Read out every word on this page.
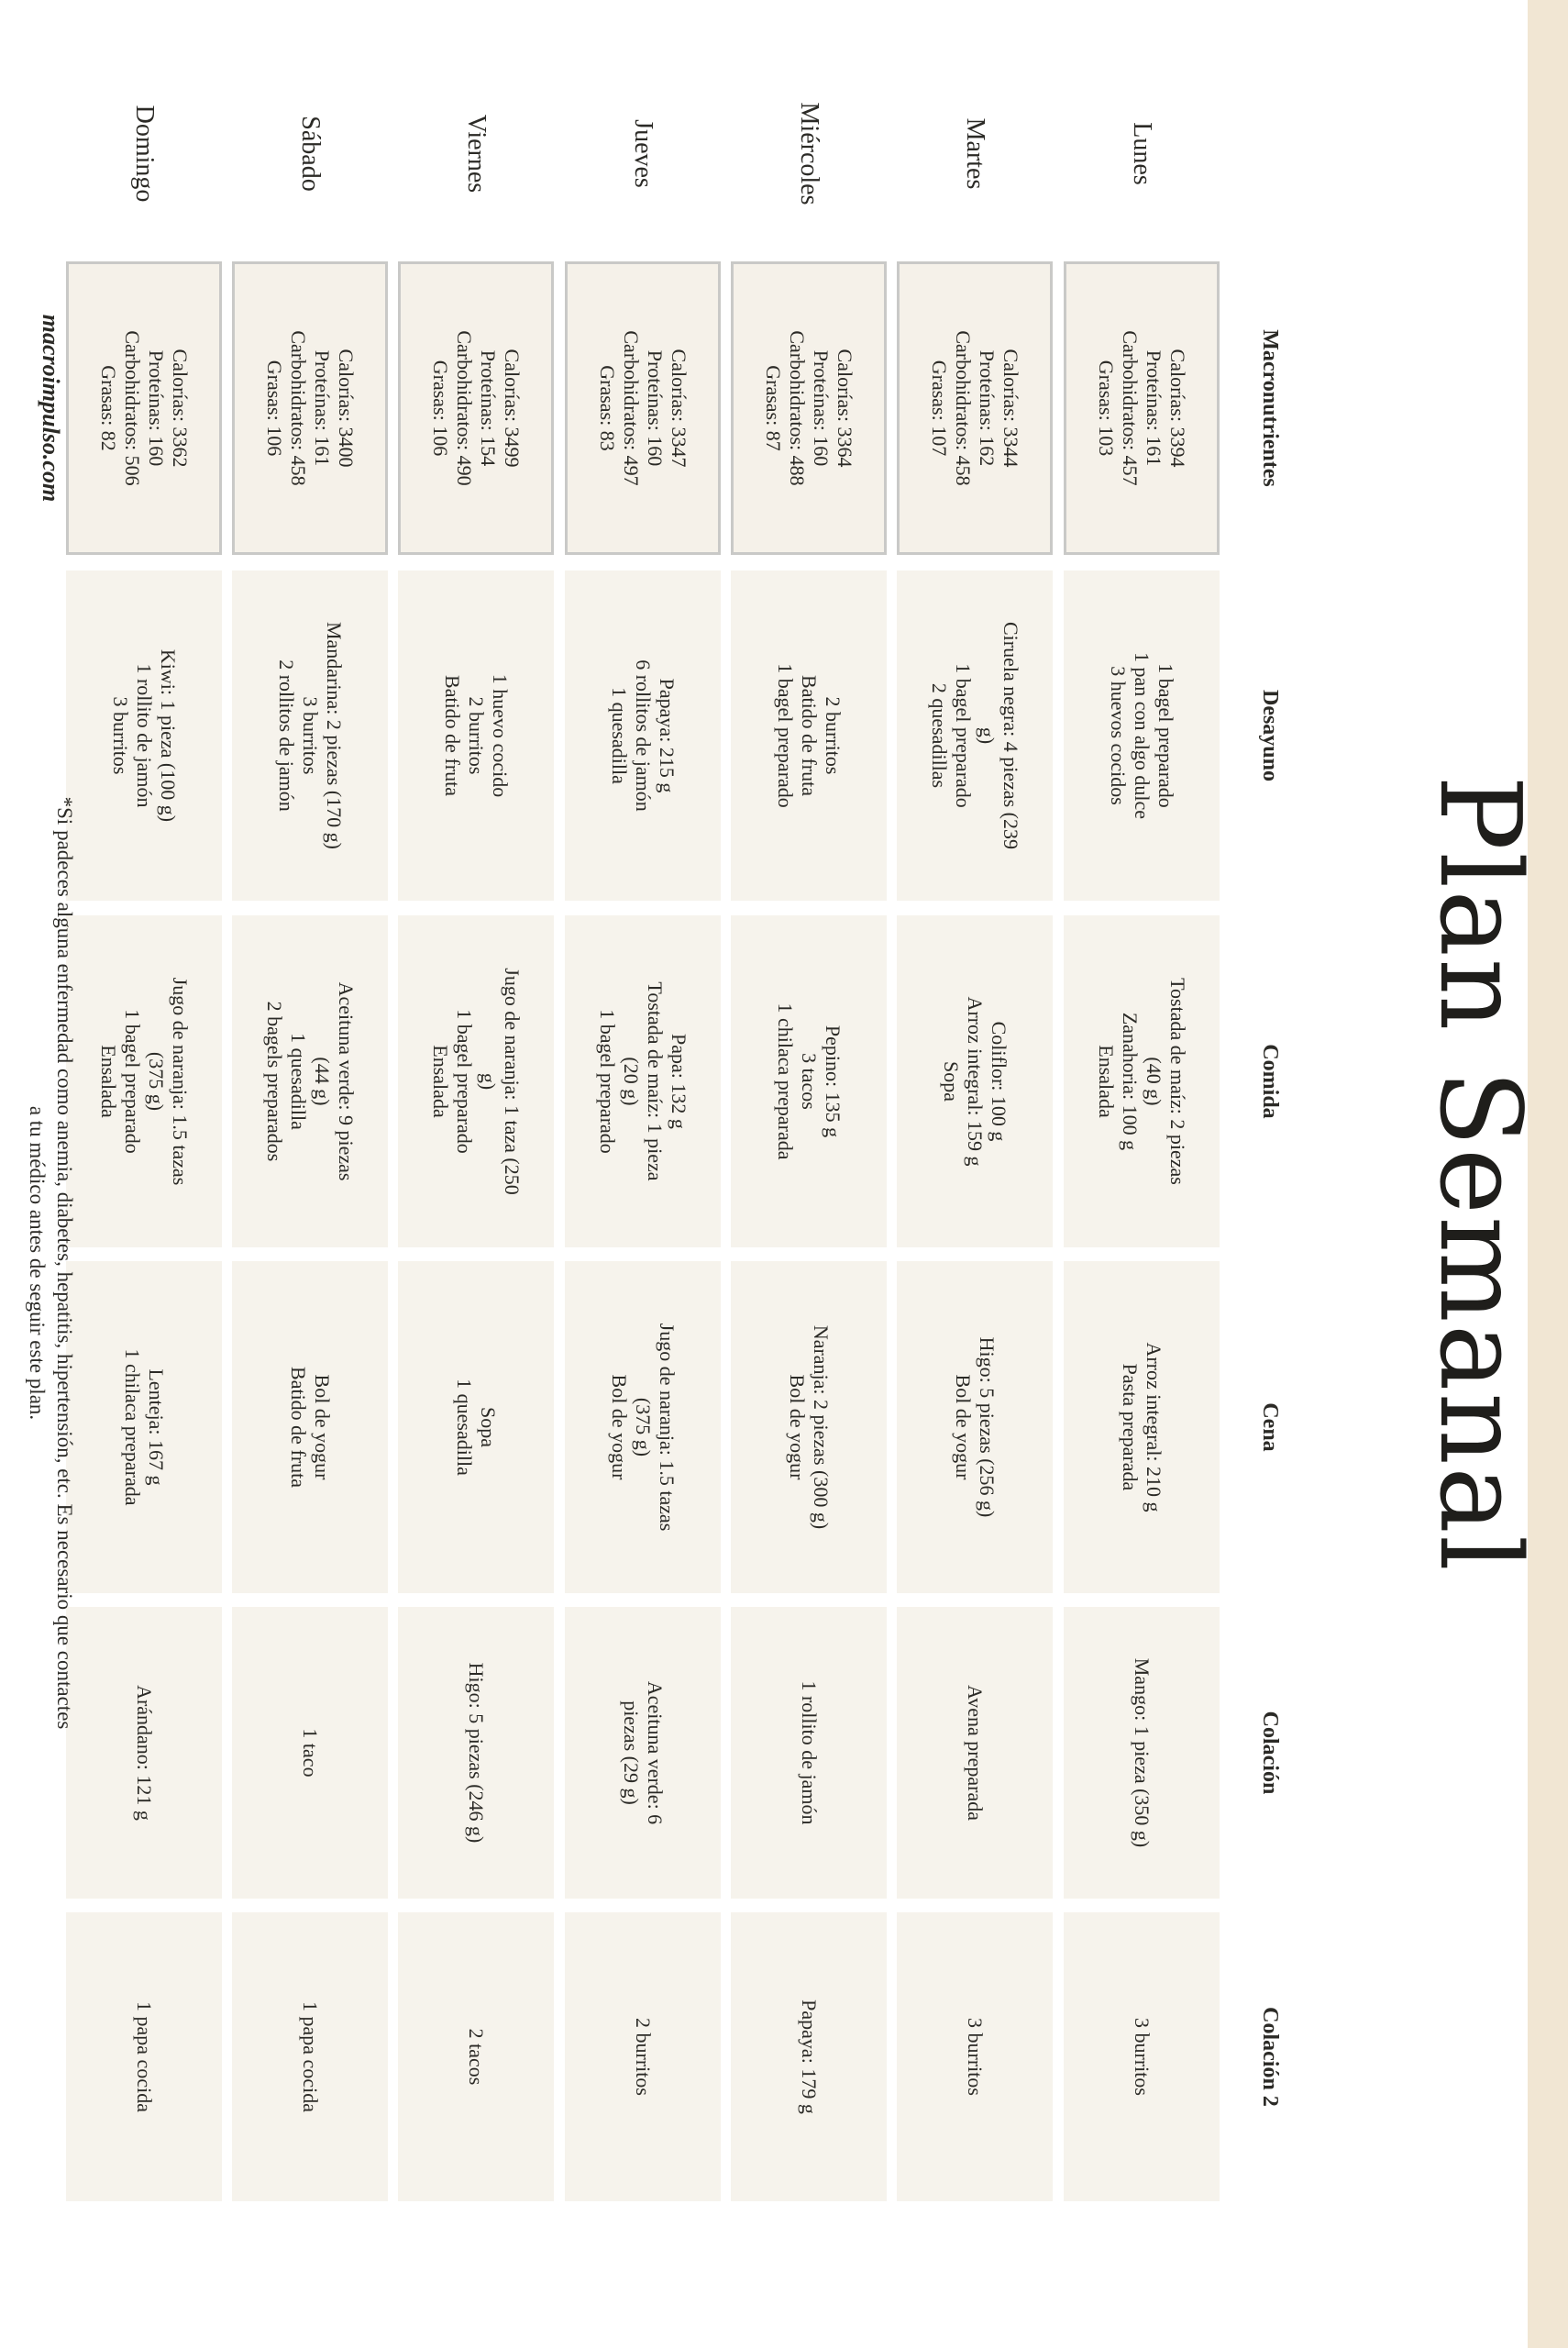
Plan Semanal
Macronutrientes
Desayuno
Comida
Cena
Colación
Colación 2
Lunes
Calorías: 3394
Proteínas: 161
Carbohidratos: 457
Grasas: 103
1 bagel preparado
1 pan con algo dulce
3 huevos cocidos
Tostada de maíz: 2 piezas
(40 g)
Zanahoria: 100 g
Ensalada
Arroz integral: 210 g
Pasta preparada
Mango: 1 pieza (350 g)
3 burritos
Martes
Calorías: 3344
Proteínas: 162
Carbohidratos: 458
Grasas: 107
Ciruela negra: 4 piezas (239
g)
1 bagel preparado
2 quesadillas
Coliflor: 100 g
Arroz integral: 159 g
Sopa
Higo: 5 piezas (256 g)
Bol de yogur
Avena preparada
3 burritos
Miércoles
Calorías: 3364
Proteínas: 160
Carbohidratos: 488
Grasas: 87
2 burritos
Batido de fruta
1 bagel preparado
Pepino: 135 g
3 tacos
1 chilaca preparada
Naranja: 2 piezas (300 g)
Bol de yogur
1 rollito de jamón
Papaya: 179 g
Jueves
Calorías: 3347
Proteínas: 160
Carbohidratos: 497
Grasas: 83
Papaya: 215 g
6 rollitos de jamón
1 quesadilla
Papa: 132 g
Tostada de maíz: 1 pieza
(20 g)
1 bagel preparado
Jugo de naranja: 1.5 tazas
(375 g)
Bol de yogur
Aceituna verde: 6
piezas (29 g)
2 burritos
Viernes
Calorías: 3499
Proteínas: 154
Carbohidratos: 490
Grasas: 106
1 huevo cocido
2 burritos
Batido de fruta
Jugo de naranja: 1 taza (250
g)
1 bagel preparado
Ensalada
Sopa
1 quesadilla
Higo: 5 piezas (246 g)
2 tacos
Sábado
Calorías: 3400
Proteínas: 161
Carbohidratos: 458
Grasas: 106
Mandarina: 2 piezas (170 g)
3 burritos
2 rollitos de jamón
Aceituna verde: 9 piezas
(44 g)
1 quesadilla
2 bagels preparados
Bol de yogur
Batido de fruta
1 taco
1 papa cocida
Domingo
Calorías: 3362
Proteínas: 160
Carbohidratos: 506
Grasas: 82
Kiwi: 1 pieza (100 g)
1 rollito de jamón
3 burritos
Jugo de naranja: 1.5 tazas
(375 g)
1 bagel preparado
Ensalada
Lenteja: 167 g
1 chilaca preparada
Arándano: 121 g
1 papa cocida
macroimpulso.com
*Si padeces alguna enfermedad como anemia, diabetes, hepatitis, hipertensión, etc. Es necesario que contactes
a tu médico antes de seguir este plan.
